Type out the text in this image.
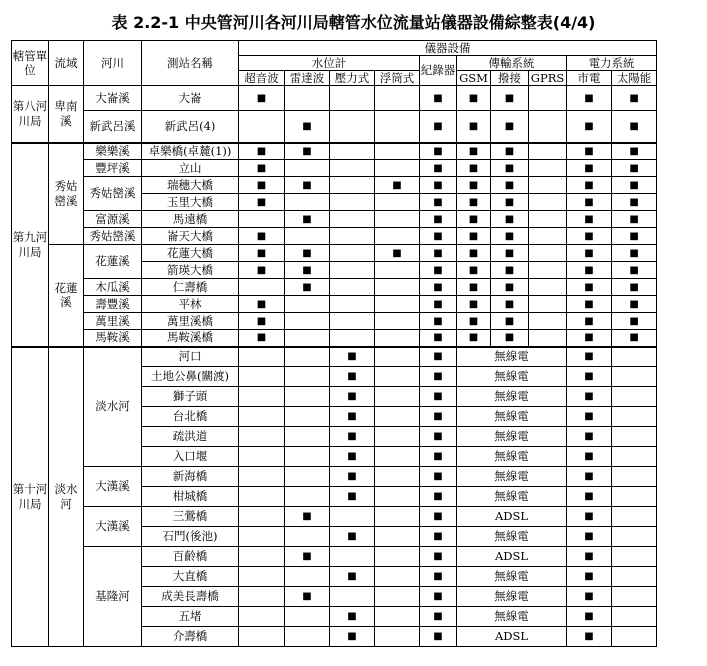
表 2.2-1 中央管河川各河川局轄管水位流量站儀器設備綜整表(4/4)
轄管單位	流域	河川	測站名稱	儀器設備									
				水位計				紀錄器	傳輸系統			電力系統	
				超音波	雷達波	壓力式	浮筒式		GSM	撥接	GPRS	市電	太陽能
第八河川局	卑南溪	大崙溪	大崙	■				■	■	■		■	■
		新武呂溪	新武呂(4)		■			■	■	■		■	■
第九河川局	秀姑巒溪	樂樂溪	卓樂橋(卓麓(1))	■	■			■	■	■		■	■
		豐坪溪	立山	■				■	■	■		■	■
		秀姑巒溪	瑞穗大橋	■	■		■	■	■	■		■	■
			玉里大橋	■				■	■	■		■	■
		富源溪	馬遠橋		■			■	■	■		■	■
		秀姑巒溪	崙天大橋	■				■	■	■		■	■
	花蓮溪	花蓮溪	花蓮大橋	■	■		■	■	■	■		■	■
			箭瑛大橋	■	■			■	■	■		■	■
		木瓜溪	仁壽橋		■			■	■	■		■	■
		壽豐溪	平林	■				■	■	■		■	■
		萬里溪	萬里溪橋	■				■	■	■		■	■
		馬鞍溪	馬鞍溪橋	■				■	■	■		■	■
第十河川局	淡水河	淡水河	河口			■		■	無線電			■	
			土地公鼻(關渡)			■		■	無線電			■	
			獅子頭			■		■	無線電			■	
			台北橋			■		■	無線電			■	
			疏洪道			■		■	無線電			■	
			入口堰			■		■	無線電			■	
		大漢溪	新海橋			■		■	無線電			■	
			柑城橋			■		■	無線電			■	
		大漢溪	三鶯橋		■			■	ADSL			■	
			石門(後池)			■		■	無線電			■	
		基隆河	百齡橋		■			■	ADSL			■	
			大直橋			■		■	無線電			■	
			成美長壽橋		■			■	無線電			■	
			五堵			■		■	無線電			■	
			介壽橋			■		■	ADSL			■	
